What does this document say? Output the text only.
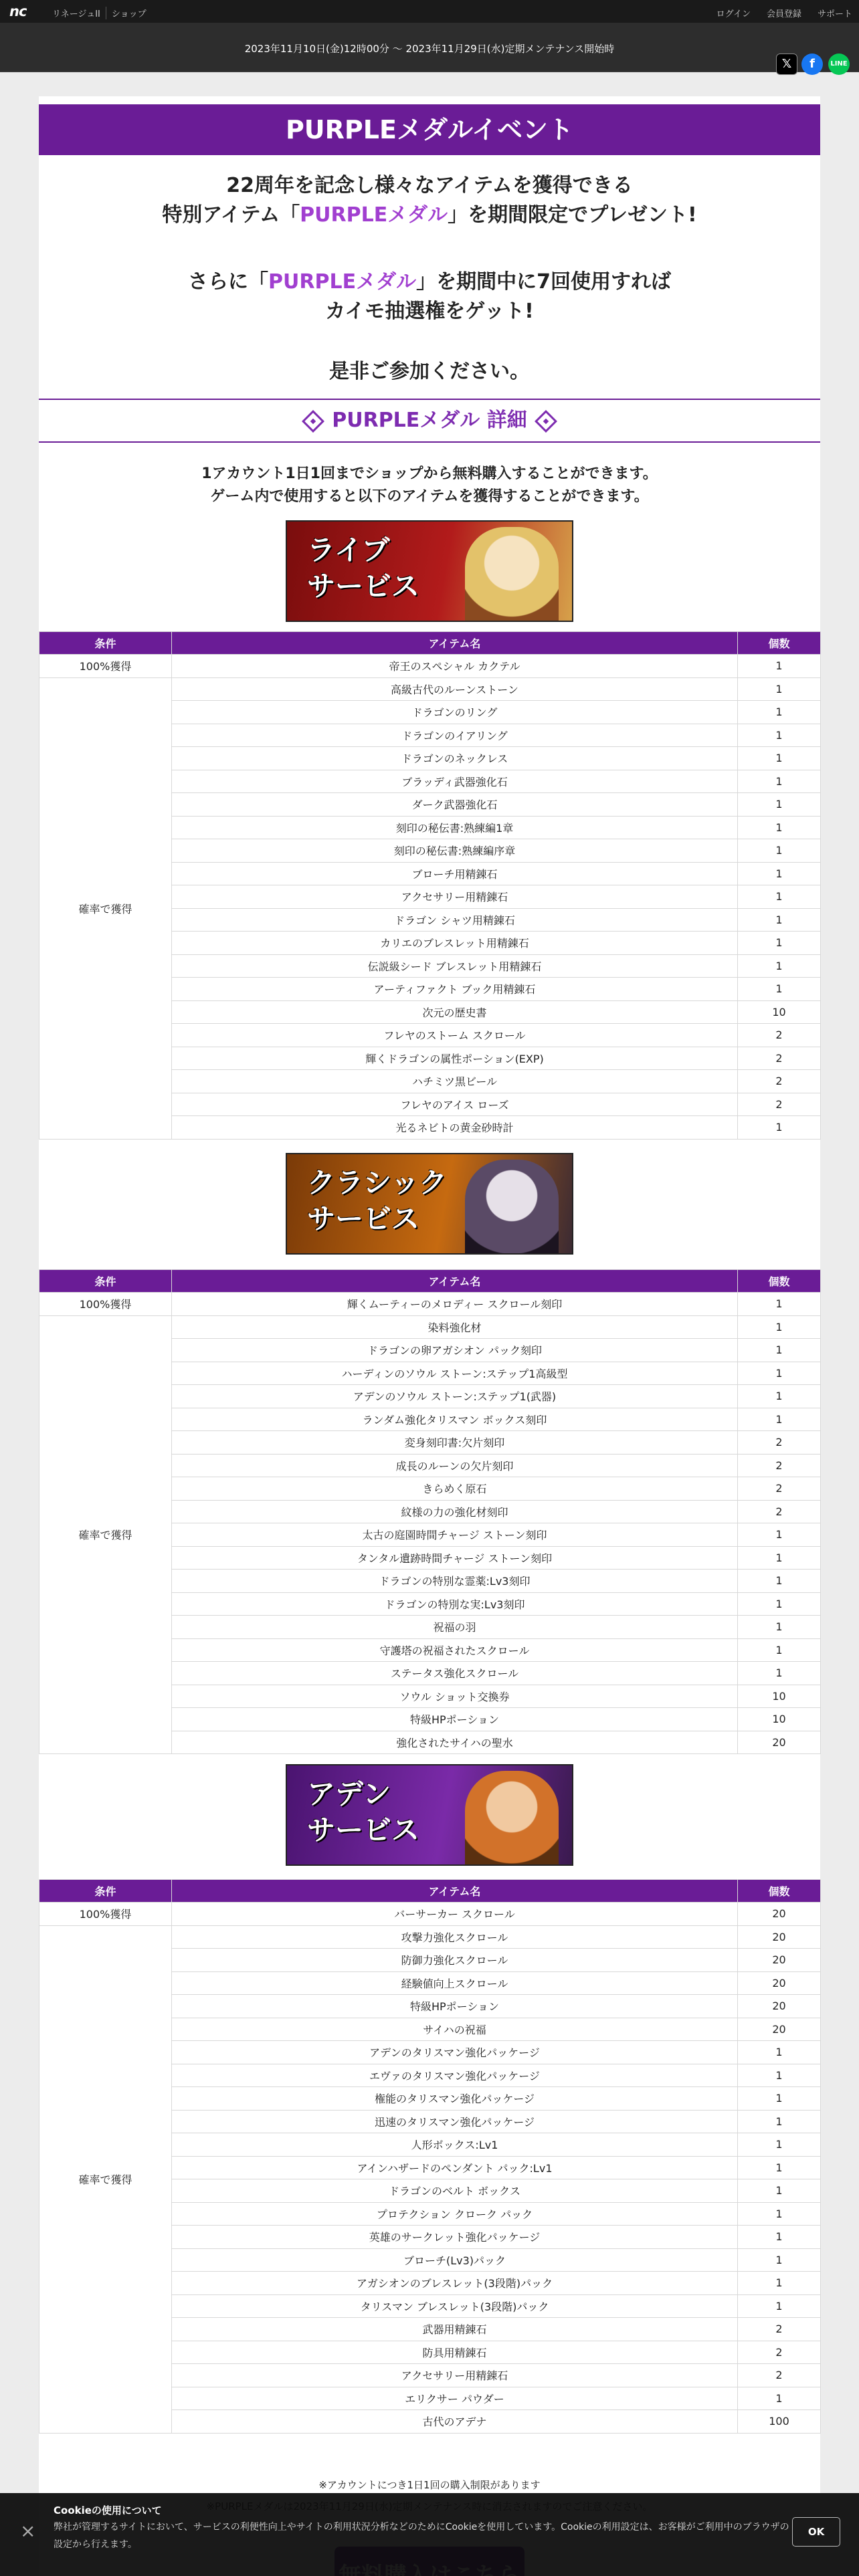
nc	リネージュII	ショップ	ログイン 会員登録 サポート
2023年11月10日(金)12時00分 〜 2023年11月29日(水)定期メンテナンス開始時
𝕏	f	LINE
PURPLEメダルイベント
22周年を記念し様々なアイテムを獲得できる
特別アイテム「PURPLEメダル」を期間限定でプレゼント!
さらに「PURPLEメダル」を期間中に7回使用すれば
カイモ抽選権をゲット!
是非ご参加ください。
PURPLEメダル 詳細
1アカウント1日1回までショップから無料購入することができます。
ゲーム内で使用すると以下のアイテムを獲得することができます。
ライブ
サービス
条件	アイテム名	個数
100%獲得	帝王のスペシャル カクテル	1
確率で獲得	高級古代のルーンストーン	1
	ドラゴンのリング	1
	ドラゴンのイアリング	1
	ドラゴンのネックレス	1
	ブラッディ武器強化石	1
	ダーク武器強化石	1
	刻印の秘伝書:熟練編1章	1
	刻印の秘伝書:熟練編序章	1
	ブローチ用精錬石	1
	アクセサリー用精錬石	1
	ドラゴン シャツ用精錬石	1
	カリエのブレスレット用精錬石	1
	伝説級シード ブレスレット用精錬石	1
	アーティファクト ブック用精錬石	1
	次元の歴史書	10
	フレヤのストーム スクロール	2
	輝くドラゴンの属性ポーション(EXP)	2
	ハチミツ黒ビール	2
	フレヤのアイス ローズ	2
	光るネビトの黄金砂時計	1
クラシック
サービス
条件	アイテム名	個数
100%獲得	輝くムーティーのメロディー スクロール刻印	1
確率で獲得	染料強化材	1
	ドラゴンの卵アガシオン パック刻印	1
	ハーディンのソウル ストーン:ステップ1高級型	1
	アデンのソウル ストーン:ステップ1(武器)	1
	ランダム強化タリスマン ボックス刻印	1
	変身刻印書:欠片刻印	2
	成長のルーンの欠片刻印	2
	きらめく原石	2
	紋様の力の強化材刻印	2
	太古の庭園時間チャージ ストーン刻印	1
	タンタル遺跡時間チャージ ストーン刻印	1
	ドラゴンの特別な霊薬:Lv3刻印	1
	ドラゴンの特別な実:Lv3刻印	1
	祝福の羽	1
	守護塔の祝福されたスクロール	1
	ステータス強化スクロール	1
	ソウル ショット交換券	10
	特級HPポーション	10
	強化されたサイハの聖水	20
アデン
サービス
条件	アイテム名	個数
100%獲得	バーサーカー スクロール	20
確率で獲得	攻撃力強化スクロール	20
	防御力強化スクロール	20
	経験値向上スクロール	20
	特級HPポーション	20
	サイハの祝福	20
	アデンのタリスマン強化パッケージ	1
	エヴァのタリスマン強化パッケージ	1
	権能のタリスマン強化パッケージ	1
	迅速のタリスマン強化パッケージ	1
	人形ボックス:Lv1	1
	アインハザードのペンダント パック:Lv1	1
	ドラゴンのベルト ボックス	1
	プロテクション クローク パック	1
	英雄のサークレット強化パッケージ	1
	ブローチ(Lv3)パック	1
	アガシオンのブレスレット(3段階)パック	1
	タリスマン ブレスレット(3段階)パック	1
	武器用精錬石	2
	防具用精錬石	2
	アクセサリー用精錬石	2
	エリクサー パウダー	1
	古代のアデナ	100
※アカウントにつき1日1回の購入制限があります
×
Cookieの使用について
弊社が管理するサイトにおいて、サービスの利便性向上やサイトの利用状況分析などのためにCookieを使用しています。Cookieの利用設定は、お客様がご利用中のブラウザの設定から行えます。
OK
